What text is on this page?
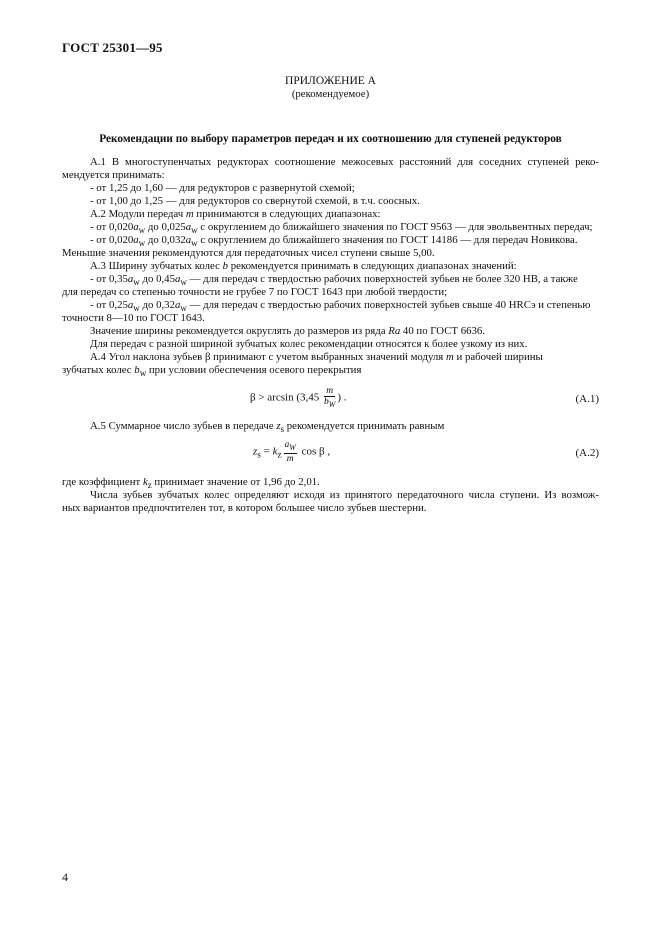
ГОСТ 25301—95
ПРИЛОЖЕНИЕ А
(рекомендуемое)
Рекомендации по выбору параметров передач и их соотношению для ступеней редукторов
А.1 В многоступенчатых редукторах соотношение межосевых расстояний для соседних ступеней реко-
мендуется принимать:
- от 1,25 до 1,60 — для редукторов с развернутой схемой;
- от 1,00 до 1,25 — для редукторов со свернутой схемой, в т.ч. соосных.
А.2 Модули передач m принимаются в следующих диапазонах:
- от $0,020a_w$ до $0,025a_w$ с округлением до ближайшего значения по ГОСТ 9563 — для эвольвентных передач;
- от $0,020a_w$ до $0,032a_w$ с округлением до ближайшего значения по ГОСТ 14186 — для передач Новикова.
Меньшие значения рекомендуются для передаточных чисел ступени свыше 5,00.
А.3 Ширину зубчатых колес b рекомендуется принимать в следующих диапазонах значений:
- от $0,35a_w$ до $0,45a_w$ — для передач с твердостью рабочих поверхностей зубьев не более 320 НВ, а также
для передач со степенью точности не грубее 7 по ГОСТ 1643 при любой твердости;
- от $0,25a_w$ до $0,32a_w$ — для передач с твердостью рабочих поверхностей зубьев свыше 40 HRCэ и степенью
точности 8—10 по ГОСТ 1643.
Значение ширины рекомендуется округлять до размеров из ряда Ra 40 по ГОСТ 6636.
Для передач с разной шириной зубчатых колес рекомендации относятся к более узкому из них.
А.4 Угол наклона зубьев β принимают с учетом выбранных значений модуля m и рабочей ширины
зубчатых колес $b_w$ при условии обеспечения осевого перекрытия
$\beta > \arcsin (3,45 \frac{m}{b_W}$ ) .	(А.1)
А.5 Суммарное число зубьев в передаче $z_s$ рекомендуется принимать равным
$z_s = k_z \frac{a_W}{m}$ cos β ,	(А.2)
где коэффициент $k_z$ принимает значение от 1,96 до 2,01.
Числа зубьев зубчатых колес определяют исходя из принятого передаточного числа ступени. Из возмож-
ных вариантов предпочтителен тот, в котором большее число зубьев шестерни.
4
